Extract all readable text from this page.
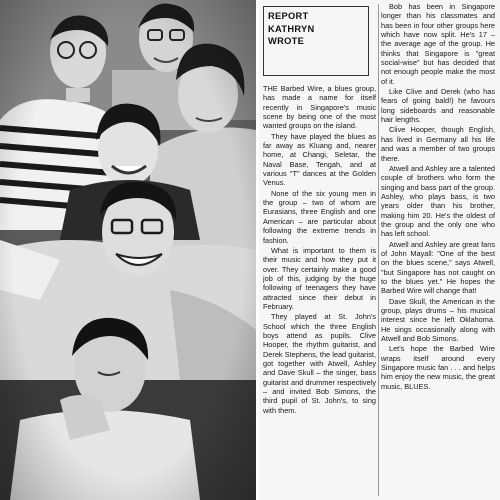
REPORT
KATHRYN
WROTE

THE Barbed Wire, a blues group, has made a name for itself recently in Singapore's music scene by being one of the most wanted groups on the island.

They have played the blues as far away as Kluang and, nearer home, at Changi, Seletar, the Naval Base, Tengah, and at various "T" dances at the Golden Venus.

None of the six young men in the group – two of whom are Eurasians, three English and one American – are particular about following the extreme trends in fashion.

What is important to them is their music and how they put it over. They certainly make a good job of this, judging by the huge following of teenagers they have attracted since their debut in February.

They played at St. John's School which the three English boys attend as pupils. Clive Hooper, the rhythm guitarist, and Derek Stephens, the lead guitarist, got together with Atwell, Ashley and Dave Skull – the singer, bass guitarist and drummer respectively – and invited Bob Simons, the third pupil of St. John's, to sing with them.

Bob has been in Singapore longer than his classmates and has been in four other groups here which have now split. He's 17 – the average age of the group. He thinks that Singapore is "great social-wise" but has decided that not enough people make the most of it.

Like Clive and Derek (who has fears of going bald!) he favours long sideboards and reasonable hair lengths.

Clive Hooper, though English, has lived in Germany all his life and was a member of two groups there.

Atwell and Ashley are a talented couple of brothers who form the singing and bass part of the group. Ashley, who plays bass, is two years older than his brother, making him 20. He's the oldest of the group and the only one who has left school.

Atwell and Ashley are great fans of John Mayall: "One of the best on the blues scene," says Atwell, "but Singapore has not caught on to the blues yet." He hopes the Barbed Wire will change that!

Dave Skull, the American in the group, plays drums – his musical interest since he left Oklahoma. He sings occasionally along with Atwell and Bob Simons.

Let's hope the Barbed Wire wraps itself around every Singapore music fan . . . and helps him enjoy the new music, the great music, BLUES.
